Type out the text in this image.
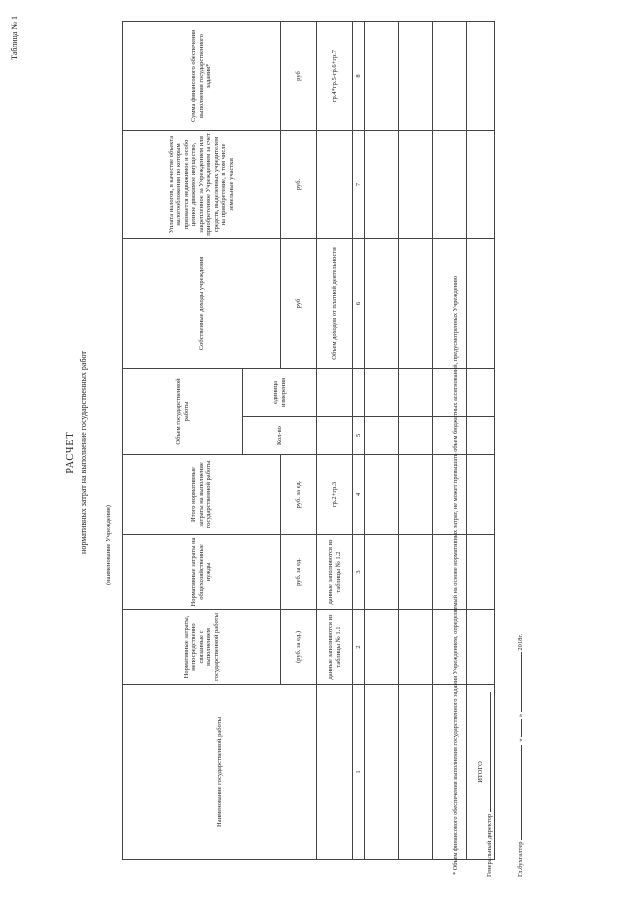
Таблица № 1
РАСЧЕТ нормативных затрат на выполнение государственных работ	(наименование Учреждения)
Наименование государственной работы	Нормативные затраты, непосредственно связанные с выполнением государственной работы	Нормативные затраты на общехозяйственные нужды	Итого нормативные затраты на выполнение государственной работы	Объем государственной работы		Собственные доходы учреждения	Уплата налогов, в качестве объекта налогообложения по которым признается недвижимое и особо ценное движимое имущество, закрепленное за Учреждением или приобретенное Учреждением за счет средств, выделенных учредителем на приобретение, в том числе земельные участки	Сумма финансового обеспечения выполнения государственного задания*
				Кол-во	единица измерения			
	(руб. за ед.)	руб. за ед.	руб. за ед.			руб	руб.	руб
	данные заполняются из таблицы № 1.1	данные заполняются из таблицы № 1.2	гр.2+гр.3			Объем доходов от платной деятельности		гр.4*гр.5-гр.6+гр.7
1	2	3	4	5		6	7	8

ИТОГО								
* Объем финансового обеспечения выполнения государственного задания Учреждением, определяемый на основе нормативных затрат, не может превышать объем бюджетных ассигнований, предусмотренных Учреждению	Генеральный директор	Гл.бухгалтер   «  »  2018г.
